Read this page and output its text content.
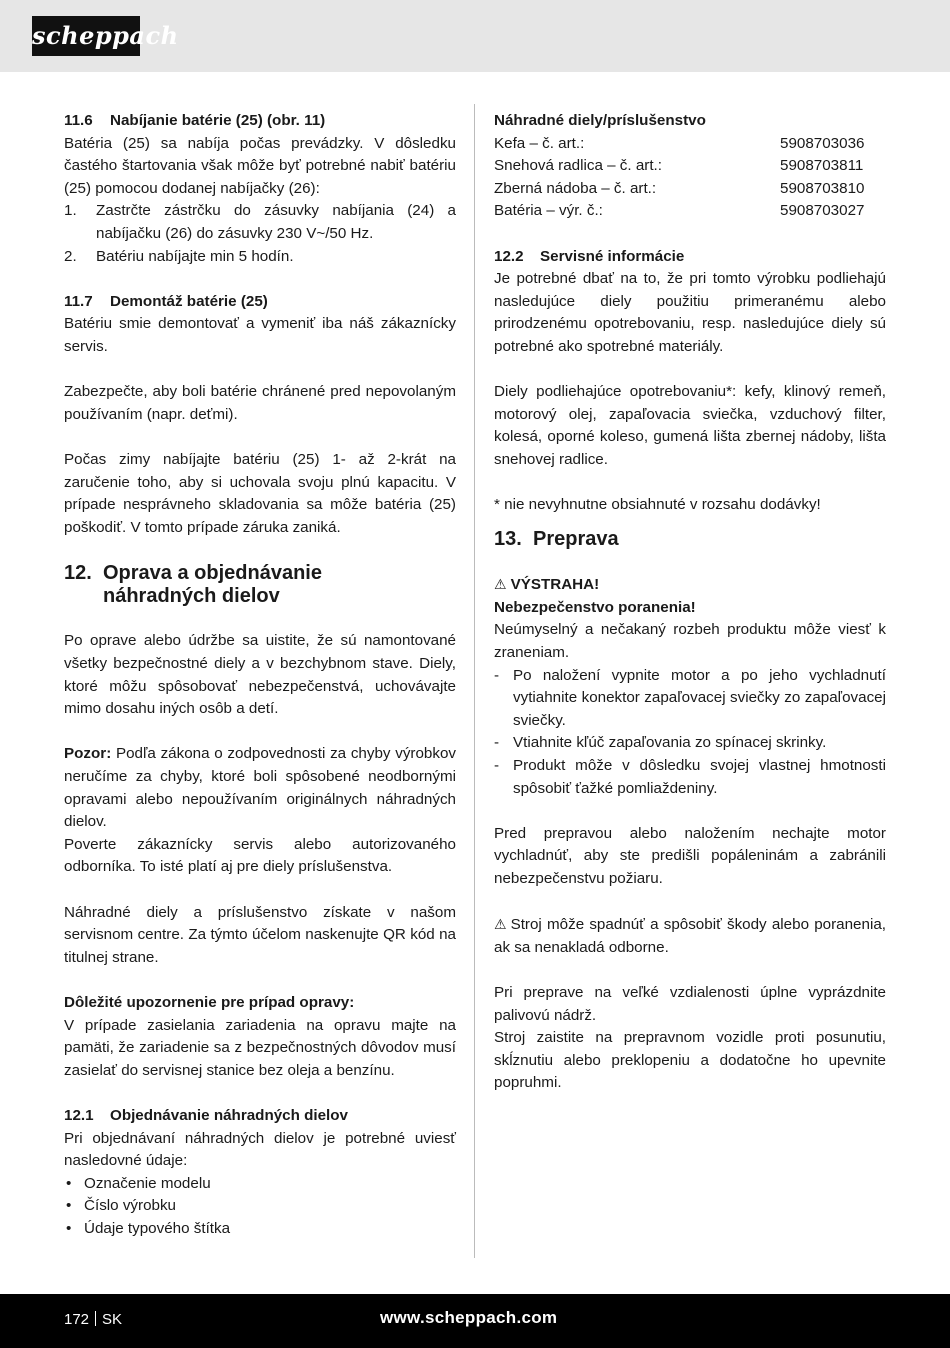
scheppach

11.6 Nabíjanie batérie (25) (obr. 11)

Batéria (25) sa nabíja počas prevádzky. V dôsledku častého štartovania však môže byť potrebné nabiť batériu (25) pomocou dodanej nabíjačky (26):

1. Zastrčte zástrčku do zásuvky nabíjania (24) a nabíjačku (26) do zásuvky 230 V~/50 Hz.
2. Batériu nabíjajte min 5 hodín.

11.7 Demontáž batérie (25)

Batériu smie demontovať a vymeniť iba náš zákaznícky servis.

Zabezpečte, aby boli batérie chránené pred nepovolaným používaním (napr. deťmi).

Počas zimy nabíjajte batériu (25) 1- až 2-krát na zaručenie toho, aby si uchovala svoju plnú kapacitu. V prípade nesprávneho skladovania sa môže batéria (25) poškodiť. V tomto prípade záruka zaniká.

12. Oprava a objednávanie náhradných dielov

Po oprave alebo údržbe sa uistite, že sú namontované všetky bezpečnostné diely a v bezchybnom stave. Diely, ktoré môžu spôsobovať nebezpečenstvá, uchovávajte mimo dosahu iných osôb a detí.

Pozor: Podľa zákona o zodpovednosti za chyby výrobkov neručíme za chyby, ktoré boli spôsobené neodbornými opravami alebo nepoužívaním originálnych náhradných dielov.

Poverte zákaznícky servis alebo autorizovaného odborníka. To isté platí aj pre diely príslušenstva.

Náhradné diely a príslušenstvo získate v našom servisnom centre. Za týmto účelom naskenujte QR kód na titulnej strane.

Dôležité upozornenie pre prípad opravy:

V prípade zasielania zariadenia na opravu majte na pamäti, že zariadenie sa z bezpečnostných dôvodov musí zasielať do servisnej stanice bez oleja a benzínu.

12.1 Objednávanie náhradných dielov

Pri objednávaní náhradných dielov je potrebné uviesť nasledovné údaje:

• Označenie modelu
• Číslo výrobku
• Údaje typového štítka

Náhradné diely/príslušenstvo

Kefa – č. art.:	5908703036
Snehová radlica – č. art.:	5908703811
Zberná nádoba – č. art.:	5908703810
Batéria – výr. č.:	5908703027

12.2 Servisné informácie

Je potrebné dbať na to, že pri tomto výrobku podliehajú nasledujúce diely použitiu primeranému alebo prirodzenému opotrebovaniu, resp. nasledujúce diely sú potrebné ako spotrebné materiály.

Diely podliehajúce opotrebovaniu*: kefy, klinový remeň, motorový olej, zapaľovacia sviečka, vzduchový filter, kolesá, oporné koleso, gumená lišta zbernej nádoby, lišta snehovej radlice.

* nie nevyhnutne obsiahnuté v rozsahu dodávky!

13. Preprava

⚠ VÝSTRAHA!

Nebezpečenstvo poranenia!

Neúmyselný a nečakaný rozbeh produktu môže viesť k zraneniam.

- Po naložení vypnite motor a po jeho vychladnutí vytiahnite konektor zapaľovacej sviečky zo zapaľovacej sviečky.
- Vtiahnite kľúč zapaľovania zo spínacej skrinky.
- Produkt môže v dôsledku svojej vlastnej hmotnosti spôsobiť ťažké pomliaždeniny.

Pred prepravou alebo naložením nechajte motor vychladnúť, aby ste predišli popáleninám a zabránili nebezpečenstvu požiaru.

⚠ Stroj môže spadnúť a spôsobiť škody alebo poranenia, ak sa nenakladá odborne.

Pri preprave na veľké vzdialenosti úplne vyprázdnite palivovú nádrž.

Stroj zaistite na prepravnom vozidle proti posunutiu, skĺznutiu alebo preklopeniu a dodatočne ho upevnite popruhmi.

172 SK	www.scheppach.com
